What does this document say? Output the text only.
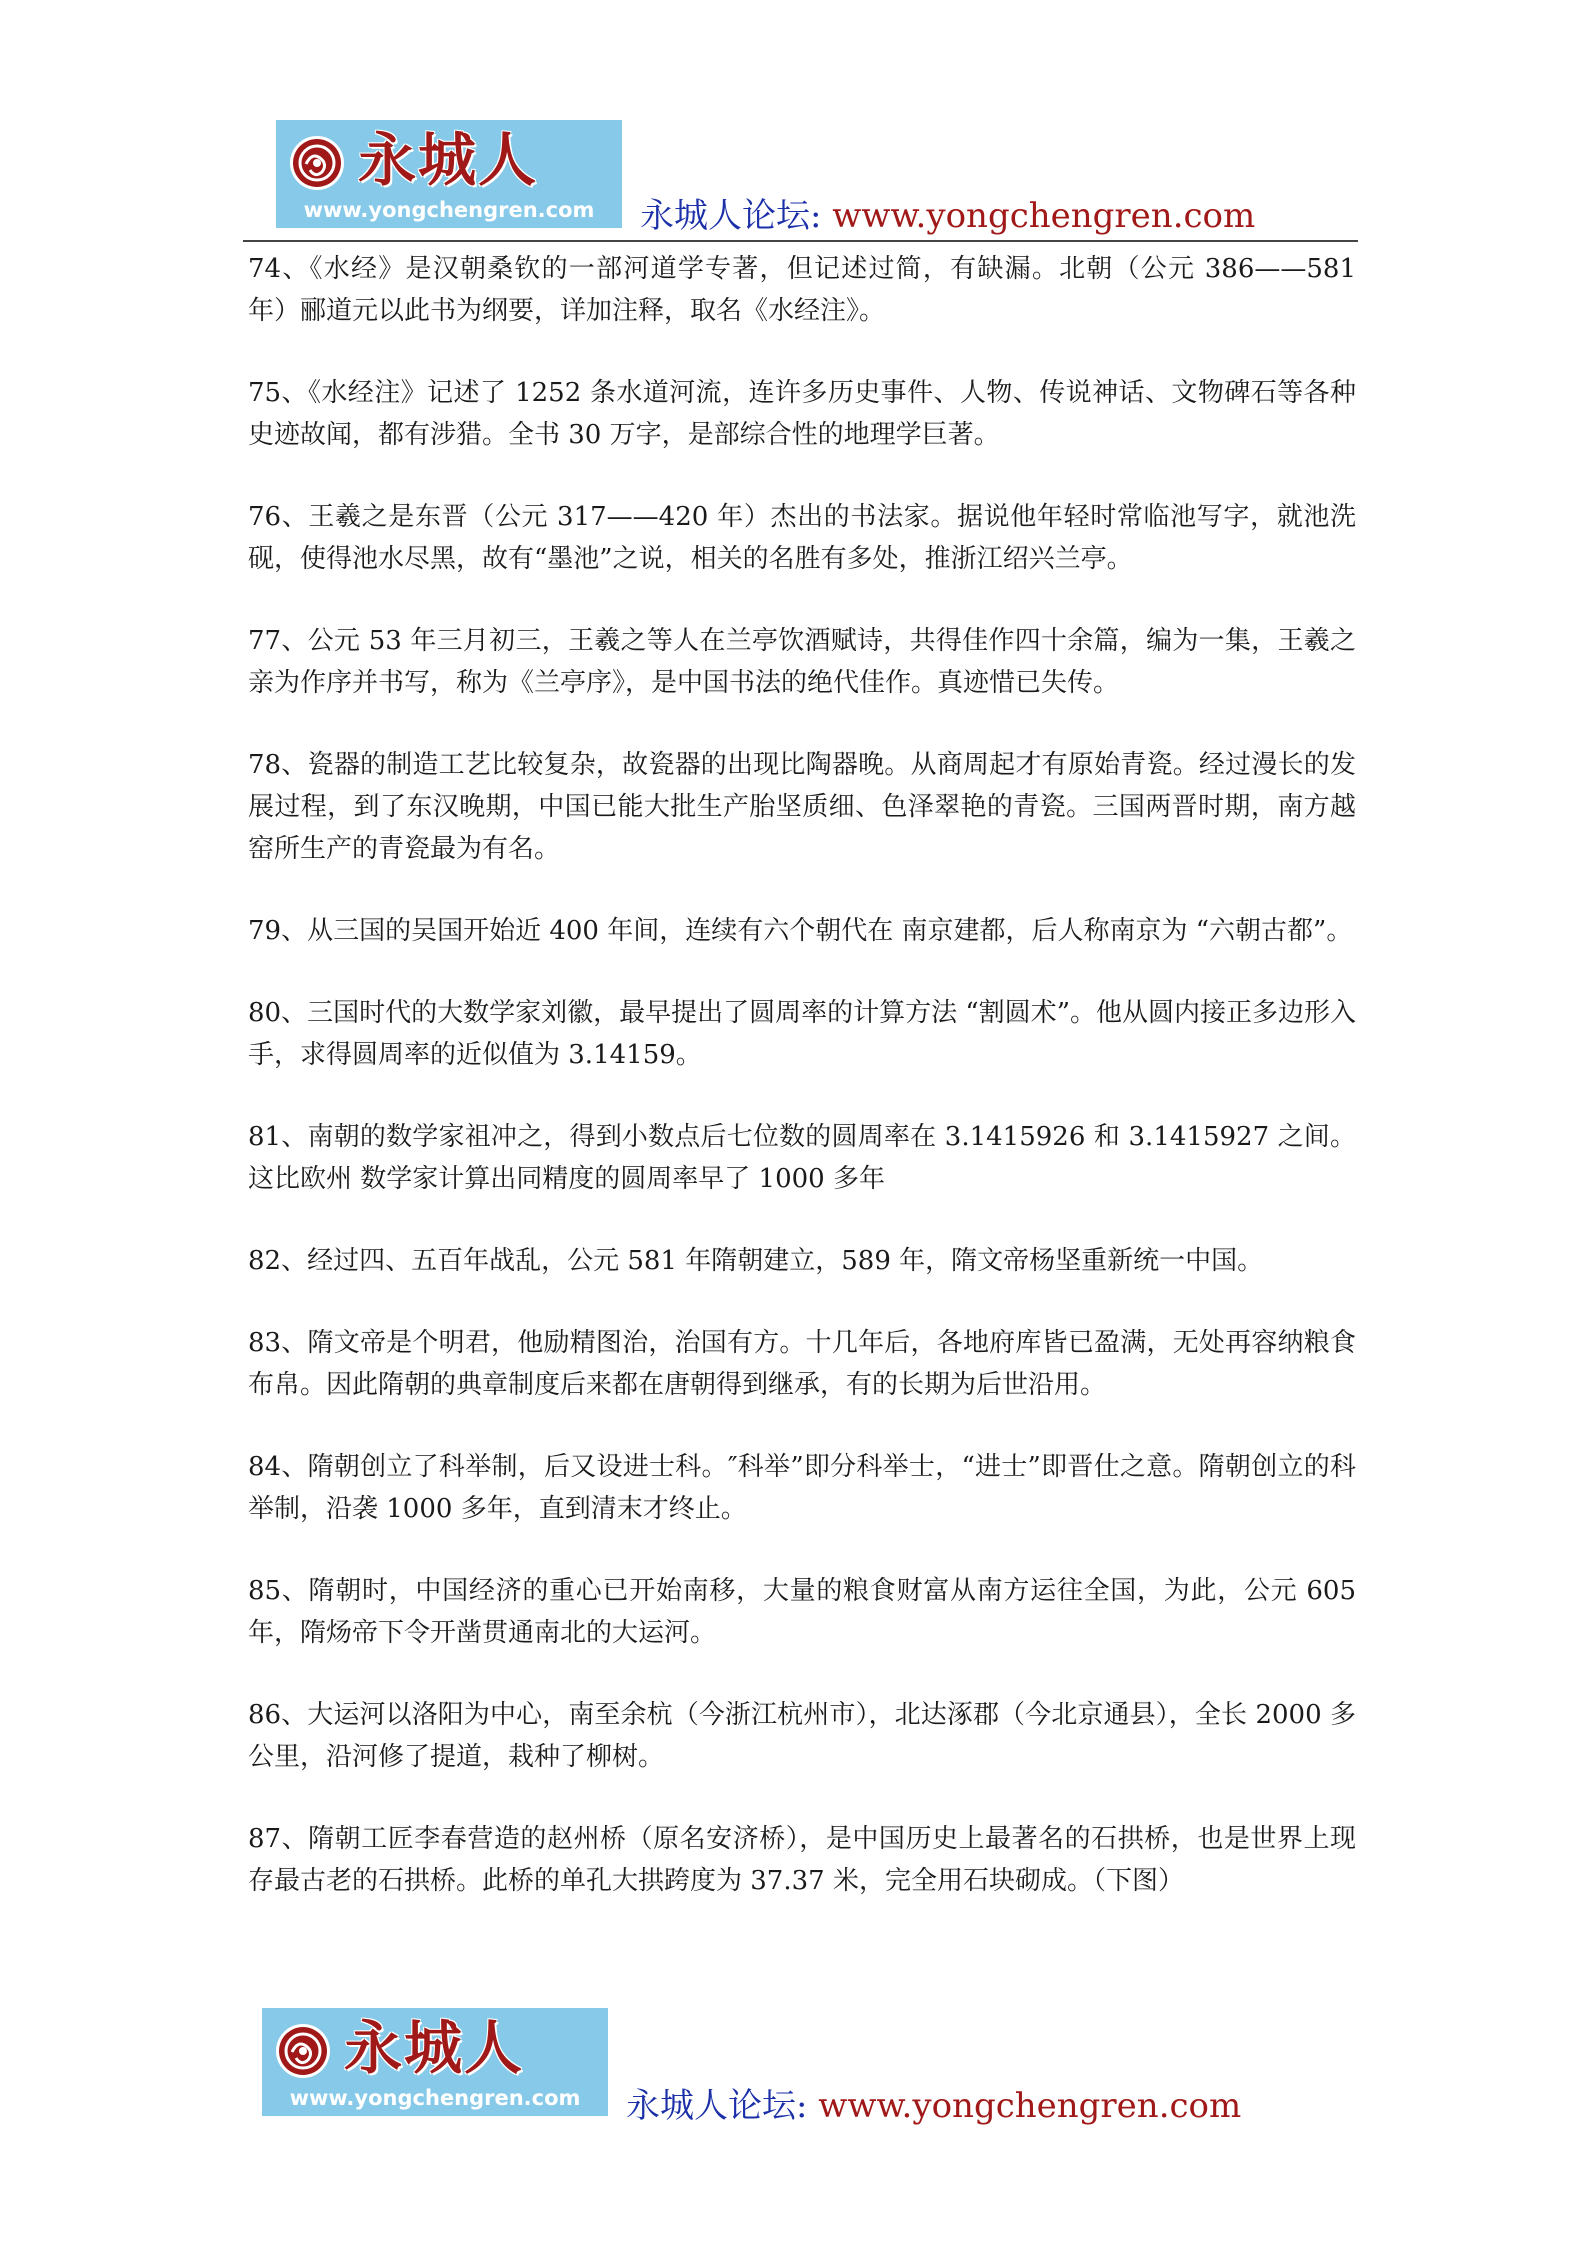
永城人
www.yongchengren.com	永城人论坛: www.yongchengren.com

74、《水经》是汉朝桑钦的一部河道学专著，但记述过简，有缺漏。北朝（公元 386——581 年）郦道元以此书为纲要，详加注释，取名《水经注》。

75、《水经注》记述了 1252 条水道河流，连许多历史事件、人物、传说神话、文物碑石等各种史迹故闻，都有涉猎。全书 30 万字，是部综合性的地理学巨著。

76、王羲之是东晋（公元 317——420 年）杰出的书法家。据说他年轻时常临池写字，就池洗砚，使得池水尽黑，故有“墨池”之说，相关的名胜有多处，推浙江绍兴兰亭。

77、公元 53 年三月初三，王羲之等人在兰亭饮酒赋诗，共得佳作四十余篇，编为一集，王羲之亲为作序并书写，称为《兰亭序》，是中国书法的绝代佳作。真迹惜已失传。

78、瓷器的制造工艺比较复杂，故瓷器的出现比陶器晚。从商周起才有原始青瓷。经过漫长的发展过程，到了东汉晚期，中国已能大批生产胎坚质细、色泽翠艳的青瓷。三国两晋时期，南方越窑所生产的青瓷最为有名。

79、从三国的吴国开始近 400 年间，连续有六个朝代在 南京建都，后人称南京为 “六朝古都”。

80、三国时代的大数学家刘徽，最早提出了圆周率的计算方法 “割圆术”。他从圆内接正多边形入手，求得圆周率的近似值为 3.14159。

81、南朝的数学家祖冲之，得到小数点后七位数的圆周率在 3.1415926 和 3.1415927 之间。这比欧州 数学家计算出同精度的圆周率早了 1000 多年

82、经过四、五百年战乱，公元 581 年隋朝建立，589 年，隋文帝杨坚重新统一中国。

83、隋文帝是个明君，他励精图治，治国有方。十几年后，各地府库皆已盈满，无处再容纳粮食布帛。因此隋朝的典章制度后来都在唐朝得到继承，有的长期为后世沿用。

84、隋朝创立了科举制，后又设进士科。″科举”即分科举士，“进士”即晋仕之意。隋朝创立的科举制，沿袭 1000 多年，直到清末才终止。

85、隋朝时，中国经济的重心已开始南移，大量的粮食财富从南方运往全国，为此，公元 605 年，隋炀帝下令开凿贯通南北的大运河。

86、大运河以洛阳为中心，南至余杭（今浙江杭州市），北达涿郡（今北京通县），全长 2000 多公里，沿河修了提道，栽种了柳树。

87、隋朝工匠李春营造的赵州桥（原名安济桥），是中国历史上最著名的石拱桥，也是世界上现存最古老的石拱桥。此桥的单孔大拱跨度为 37.37 米，完全用石块砌成。（下图）

永城人
www.yongchengren.com	永城人论坛: www.yongchengren.com
